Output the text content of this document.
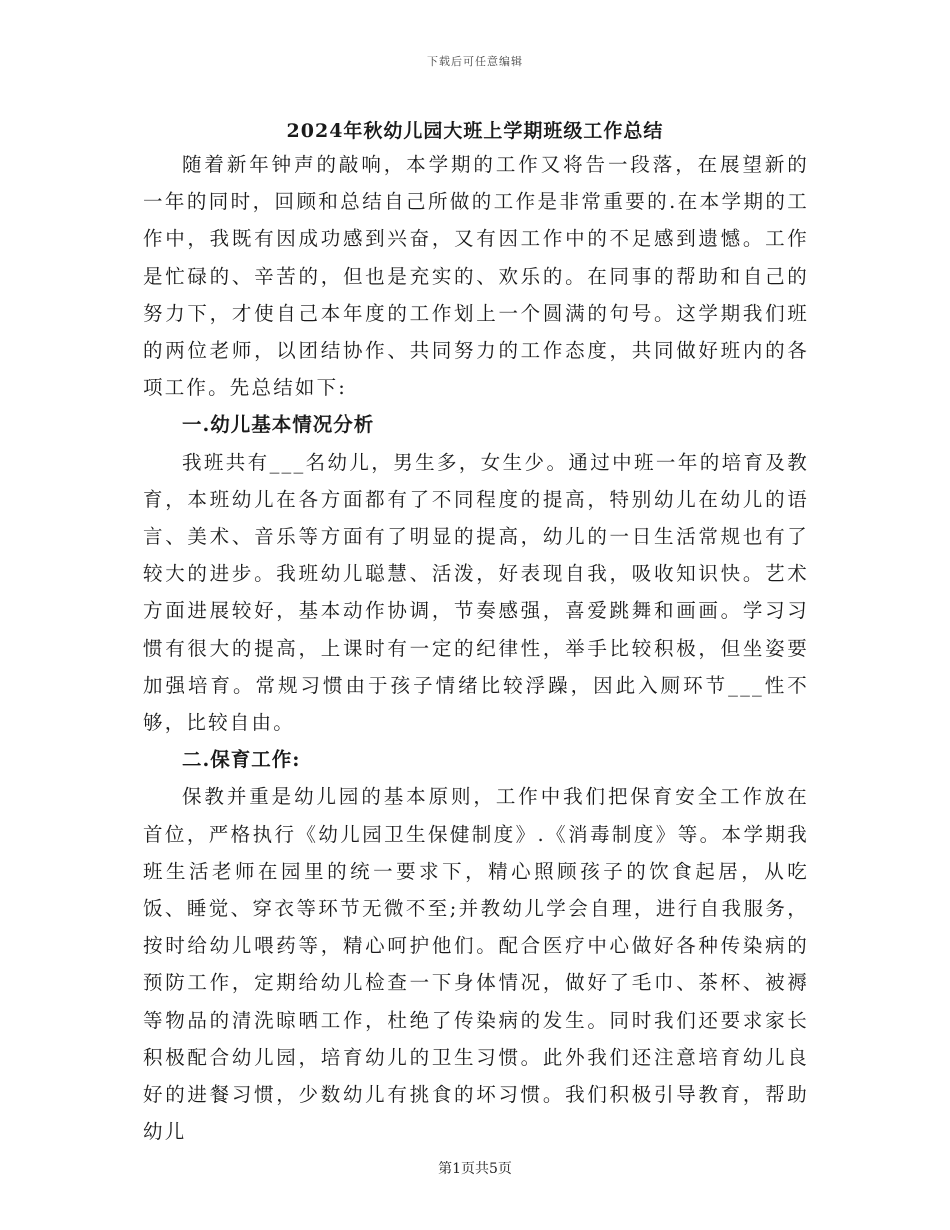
下载后可任意编辑
2024年秋幼儿园大班上学期班级工作总结

随着新年钟声的敲响，本学期的工作又将告一段落，在展望新的一年的同时，回顾和总结自己所做的工作是非常重要的.在本学期的工作中，我既有因成功感到兴奋，又有因工作中的不足感到遗憾。工作是忙碌的、辛苦的，但也是充实的、欢乐的。在同事的帮助和自己的努力下，才使自己本年度的工作划上一个圆满的句号。这学期我们班的两位老师，以团结协作、共同努力的工作态度，共同做好班内的各项工作。先总结如下:

一.幼儿基本情况分析

我班共有___名幼儿，男生多，女生少。通过中班一年的培育及教育，本班幼儿在各方面都有了不同程度的提高，特别幼儿在幼儿的语言、美术、音乐等方面有了明显的提高，幼儿的一日生活常规也有了较大的进步。我班幼儿聪慧、活泼，好表现自我，吸收知识快。艺术方面进展较好，基本动作协调，节奏感强，喜爱跳舞和画画。学习习惯有很大的提高，上课时有一定的纪律性，举手比较积极，但坐姿要加强培育。常规习惯由于孩子情绪比较浮躁，因此入厕环节___性不够，比较自由。

二.保育工作:

保教并重是幼儿园的基本原则，工作中我们把保育安全工作放在首位，严格执行《幼儿园卫生保健制度》.《消毒制度》等。本学期我班生活老师在园里的统一要求下，精心照顾孩子的饮食起居，从吃饭、睡觉、穿衣等环节无微不至;并教幼儿学会自理，进行自我服务，按时给幼儿喂药等，精心呵护他们。配合医疗中心做好各种传染病的预防工作，定期给幼儿检查一下身体情况，做好了毛巾、茶杯、被褥等物品的清洗晾晒工作，杜绝了传染病的发生。同时我们还要求家长积极配合幼儿园，培育幼儿的卫生习惯。此外我们还注意培育幼儿良好的进餐习惯，少数幼儿有挑食的坏习惯。我们积极引导教育，帮助幼儿

第1页共5页
